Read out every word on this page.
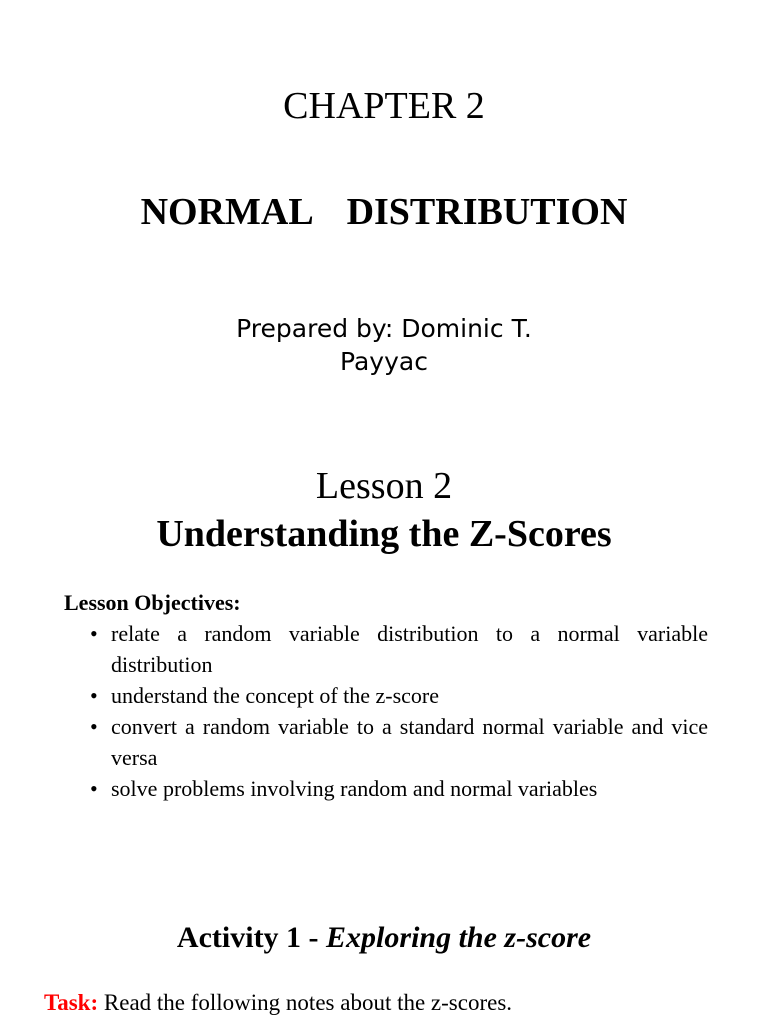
CHAPTER 2
NORMAL  DISTRIBUTION
Prepared by: Dominic T.
Payyac
Lesson 2
Understanding the Z-Scores
Lesson Objectives:
• relate a random variable distribution to a normal variable distribution
• understand the concept of the z-score
• convert a random variable to a standard normal variable and vice versa
• solve problems involving random and normal variables
Activity 1 - Exploring the z-score
Task: Read the following notes about the z-scores.
